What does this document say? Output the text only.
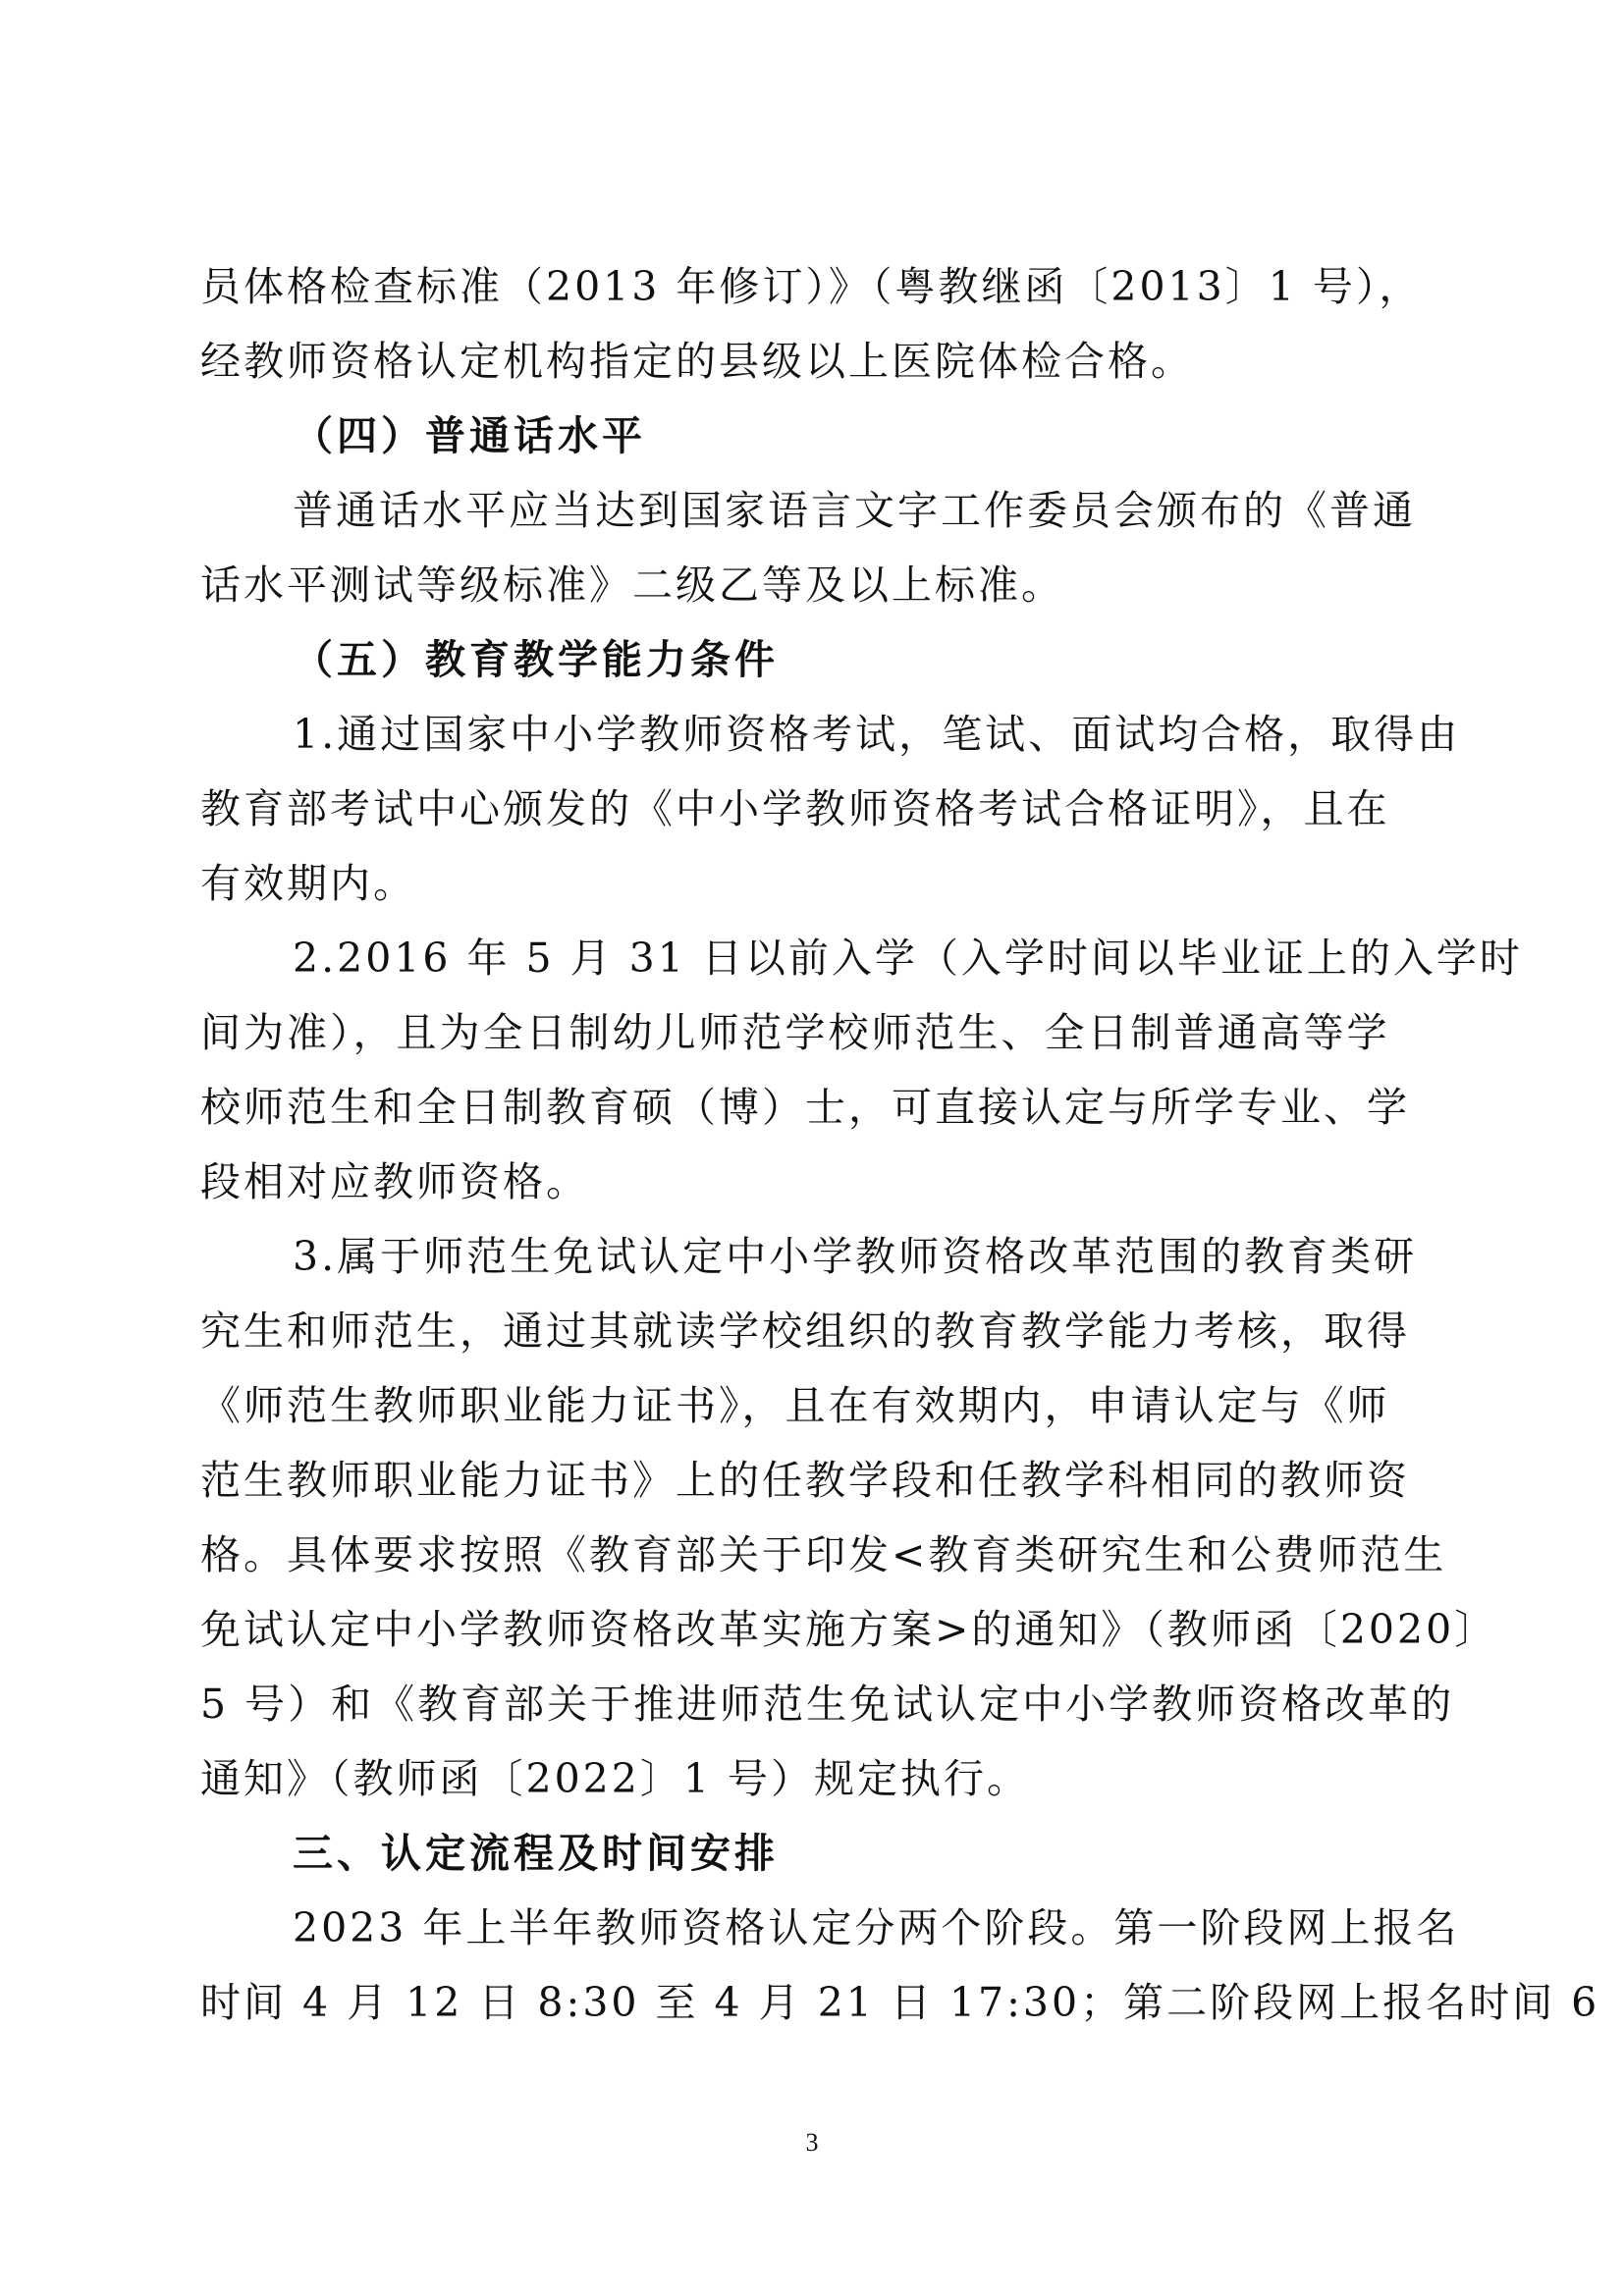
员体格检查标准（2013 年修订）》（粤教继函〔2013〕1 号），
经教师资格认定机构指定的县级以上医院体检合格。
（四）普通话水平
普通话水平应当达到国家语言文字工作委员会颁布的《普通
话水平测试等级标准》二级乙等及以上标准。
（五）教育教学能力条件
1.通过国家中小学教师资格考试，笔试、面试均合格，取得由
教育部考试中心颁发的《中小学教师资格考试合格证明》，且在
有效期内。
2.2016 年 5 月 31 日以前入学（入学时间以毕业证上的入学时
间为准），且为全日制幼儿师范学校师范生、全日制普通高等学
校师范生和全日制教育硕（博）士，可直接认定与所学专业、学
段相对应教师资格。
3.属于师范生免试认定中小学教师资格改革范围的教育类研
究生和师范生，通过其就读学校组织的教育教学能力考核，取得
《师范生教师职业能力证书》，且在有效期内，申请认定与《师
范生教师职业能力证书》上的任教学段和任教学科相同的教师资
格。具体要求按照《教育部关于印发<教育类研究生和公费师范生
免试认定中小学教师资格改革实施方案>的通知》（教师函〔2020〕
5 号）和《教育部关于推进师范生免试认定中小学教师资格改革的
通知》（教师函〔2022〕1 号）规定执行。
三、认定流程及时间安排
2023 年上半年教师资格认定分两个阶段。第一阶段网上报名
时间 4 月 12 日 8:30 至 4 月 21 日 17:30；第二阶段网上报名时间 6
3
